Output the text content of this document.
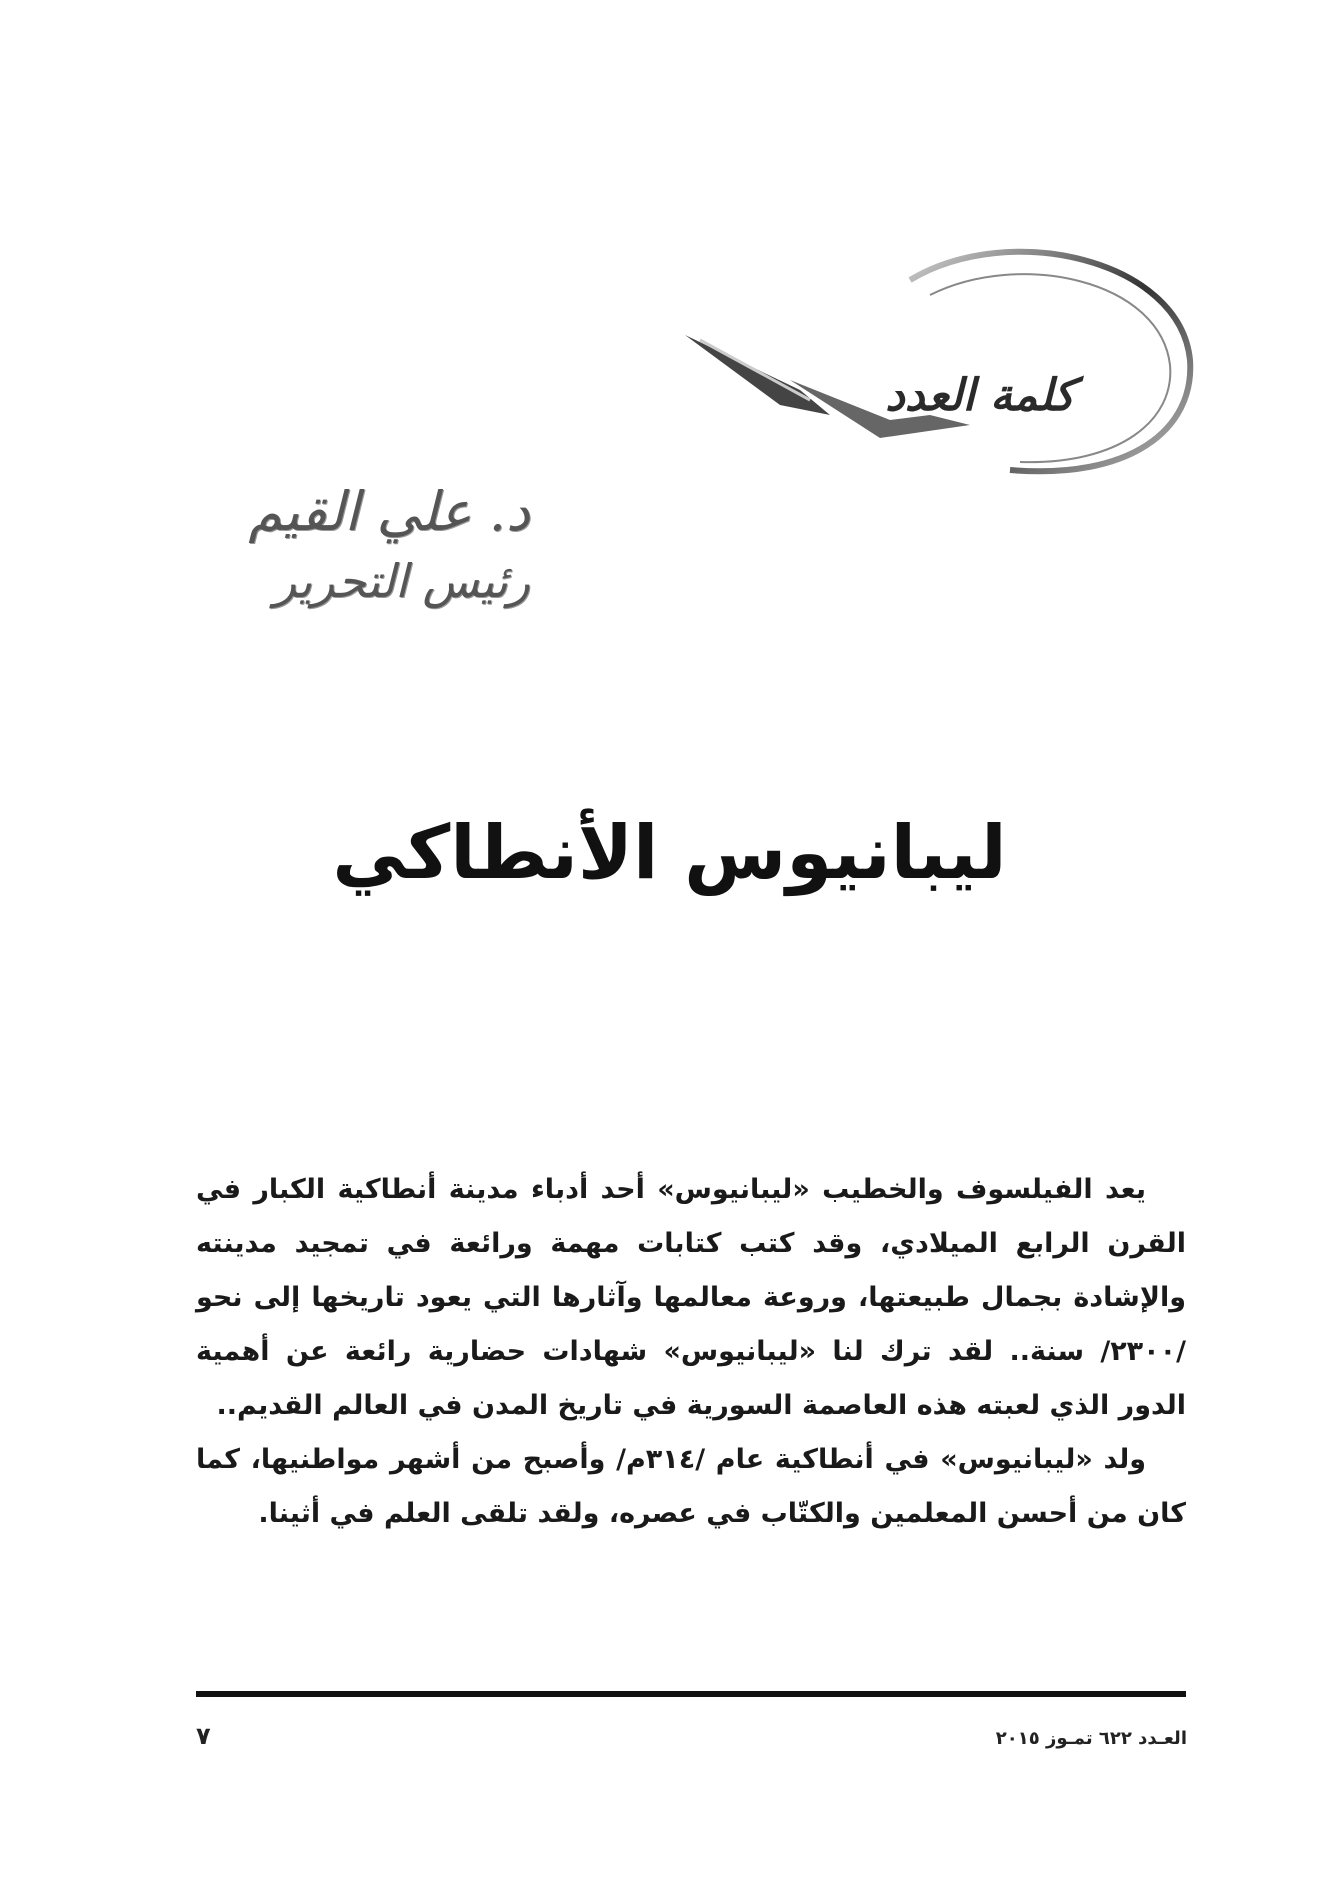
كلمة العدد
د. علي القيم
رئيس التحرير
ليبانيوس الأنطاكي

يعد الفيلسوف والخطيب «ليبانيوس» أحد أدباء مدينة أنطاكية الكبار في القرن الرابع الميلادي، وقد كتب كتابات مهمة ورائعة في تمجيد مدينته والإشادة بجمال طبيعتها، وروعة معالمها وآثارها التي يعود تاريخها إلى نحو /٢٣٠٠/ سنة.. لقد ترك لنا «ليبانيوس» شهادات حضارية رائعة عن أهمية الدور الذي لعبته هذه العاصمة السورية في تاريخ المدن في العالم القديم..

ولد «ليبانيوس» في أنطاكية عام /٣١٤م/ وأصبح من أشهر مواطنيها، كما كان من أحسن المعلمين والكتّاب في عصره، ولقد تلقى العلم في أثينا.

العـدد ٦٢٢ تمـوز ٢٠١٥
٧
